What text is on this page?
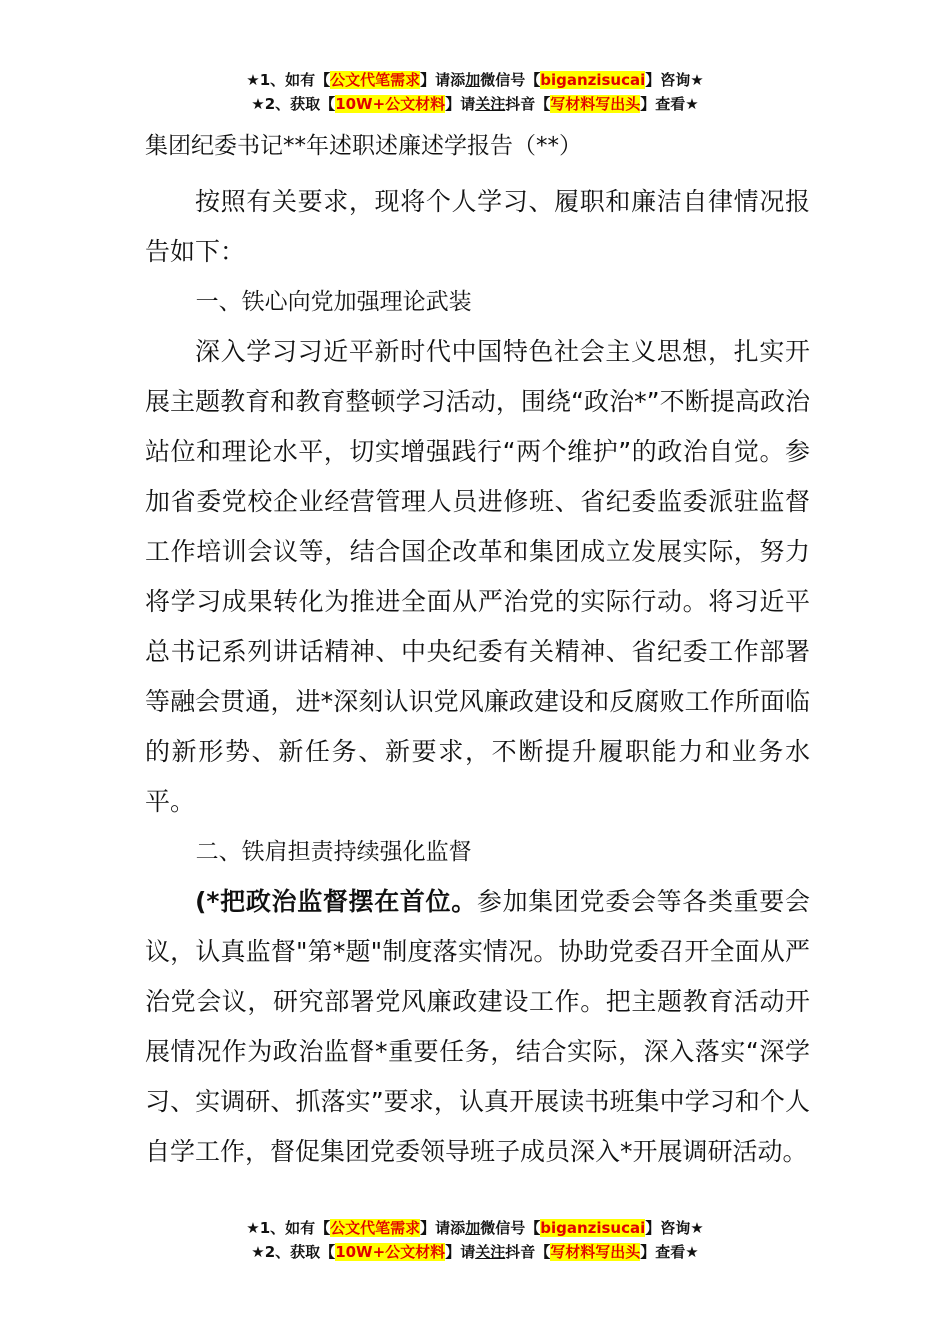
★1、如有【公文代笔需求】请添加微信号【biganzisucai】咨询★
★2、获取【10W+公文材料】请关注抖音【写材料写出头】查看★
集团纪委书记**年述职述廉述学报告（**）

按照有关要求，现将个人学习、履职和廉洁自律情况报告如下：

一、铁心向党加强理论武装

深入学习习近平新时代中国特色社会主义思想，扎实开展主题教育和教育整顿学习活动，围绕“政治*”不断提高政治站位和理论水平，切实增强践行“两个维护”的政治自觉。参加省委党校企业经营管理人员进修班、省纪委监委派驻监督工作培训会议等，结合国企改革和集团成立发展实际，努力将学习成果转化为推进全面从严治党的实际行动。将习近平总书记系列讲话精神、中央纪委有关精神、省纪委工作部署等融会贯通，进*深刻认识党风廉政建设和反腐败工作所面临的新形势、新任务、新要求，不断提升履职能力和业务水平。

二、铁肩担责持续强化监督

(*把政治监督摆在首位。参加集团党委会等各类重要会议，认真监督"第*题"制度落实情况。协助党委召开全面从严治党会议，研究部署党风廉政建设工作。把主题教育活动开展情况作为政治监督*重要任务，结合实际，深入落实“深学习、实调研、抓落实”要求，认真开展读书班集中学习和个人自学工作，督促集团党委领导班子成员深入*开展调研活动。

★1、如有【公文代笔需求】请添加微信号【biganzisucai】咨询★
★2、获取【10W+公文材料】请关注抖音【写材料写出头】查看★
